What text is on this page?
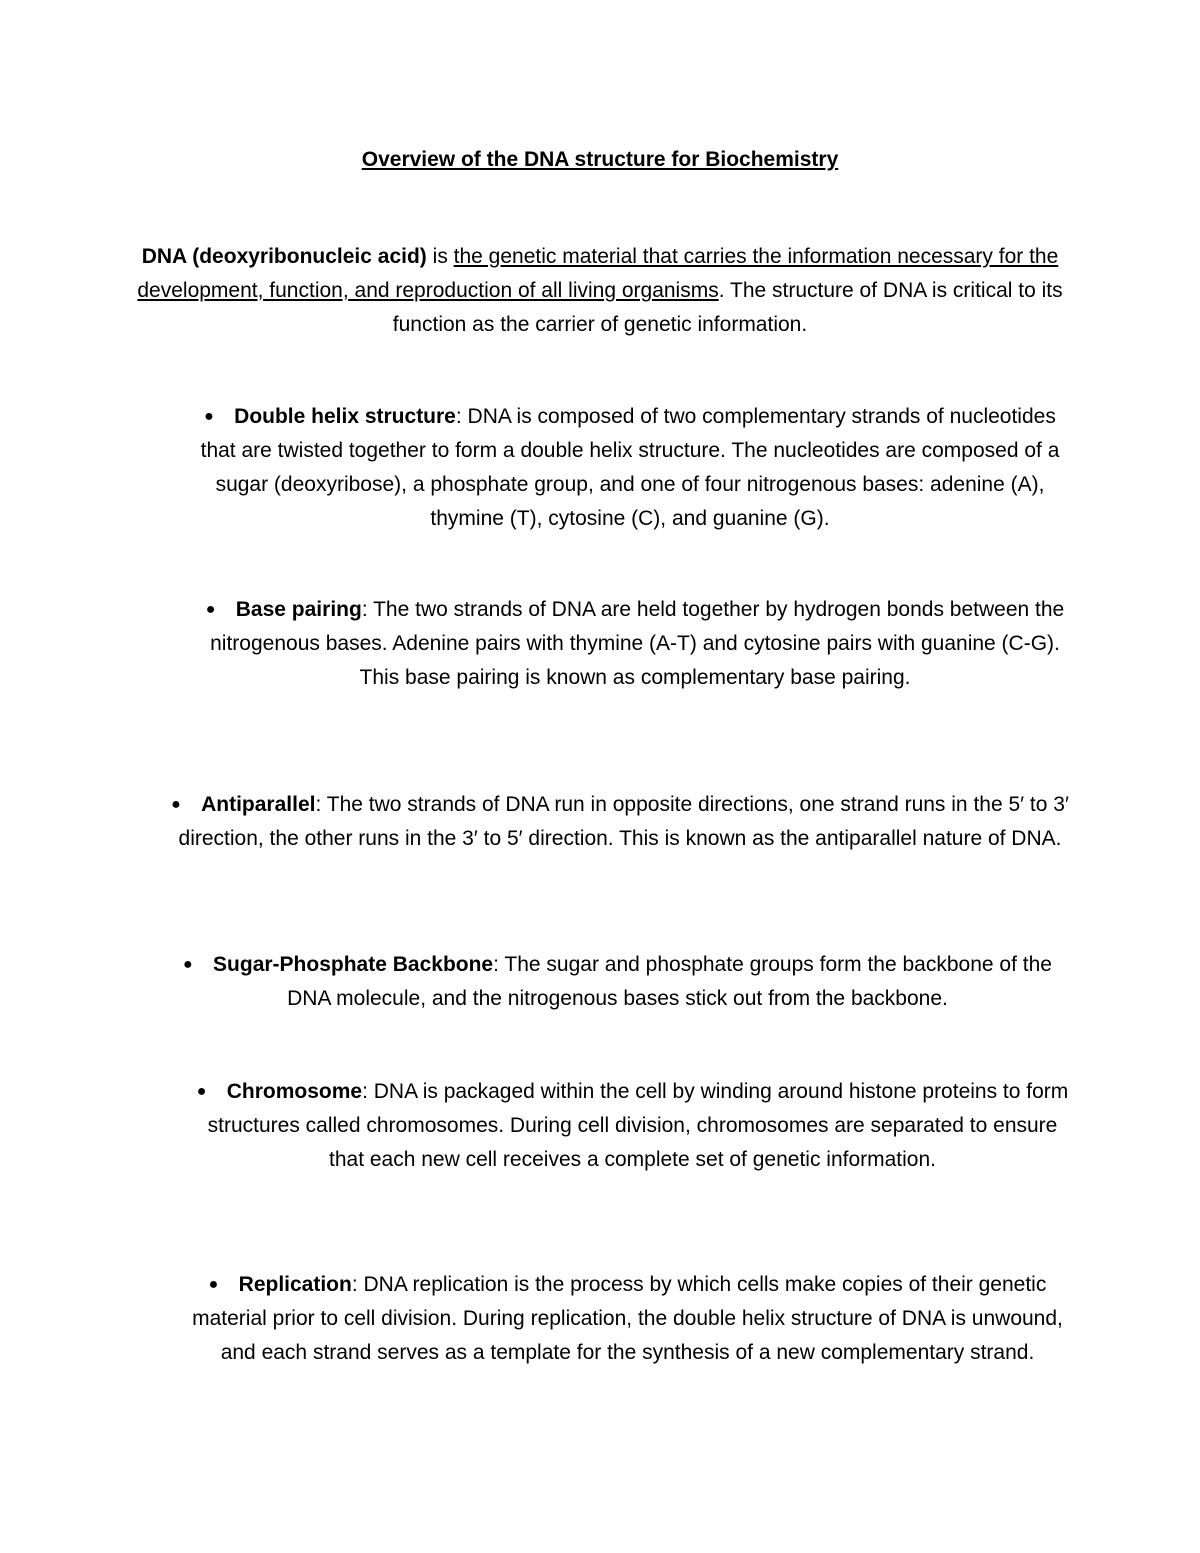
Overview of the DNA structure for Biochemistry
DNA (deoxyribonucleic acid) is the genetic material that carries the information necessary for the development, function, and reproduction of all living organisms. The structure of DNA is critical to its function as the carrier of genetic information.
● Double helix structure: DNA is composed of two complementary strands of nucleotides that are twisted together to form a double helix structure. The nucleotides are composed of a sugar (deoxyribose), a phosphate group, and one of four nitrogenous bases: adenine (A), thymine (T), cytosine (C), and guanine (G).
● Base pairing: The two strands of DNA are held together by hydrogen bonds between the nitrogenous bases. Adenine pairs with thymine (A-T) and cytosine pairs with guanine (C-G). This base pairing is known as complementary base pairing.
● Antiparallel: The two strands of DNA run in opposite directions, one strand runs in the 5′ to 3′ direction, the other runs in the 3′ to 5′ direction. This is known as the antiparallel nature of DNA.
● Sugar-Phosphate Backbone: The sugar and phosphate groups form the backbone of the DNA molecule, and the nitrogenous bases stick out from the backbone.
● Chromosome: DNA is packaged within the cell by winding around histone proteins to form structures called chromosomes. During cell division, chromosomes are separated to ensure that each new cell receives a complete set of genetic information.
● Replication: DNA replication is the process by which cells make copies of their genetic material prior to cell division. During replication, the double helix structure of DNA is unwound, and each strand serves as a template for the synthesis of a new complementary strand.
